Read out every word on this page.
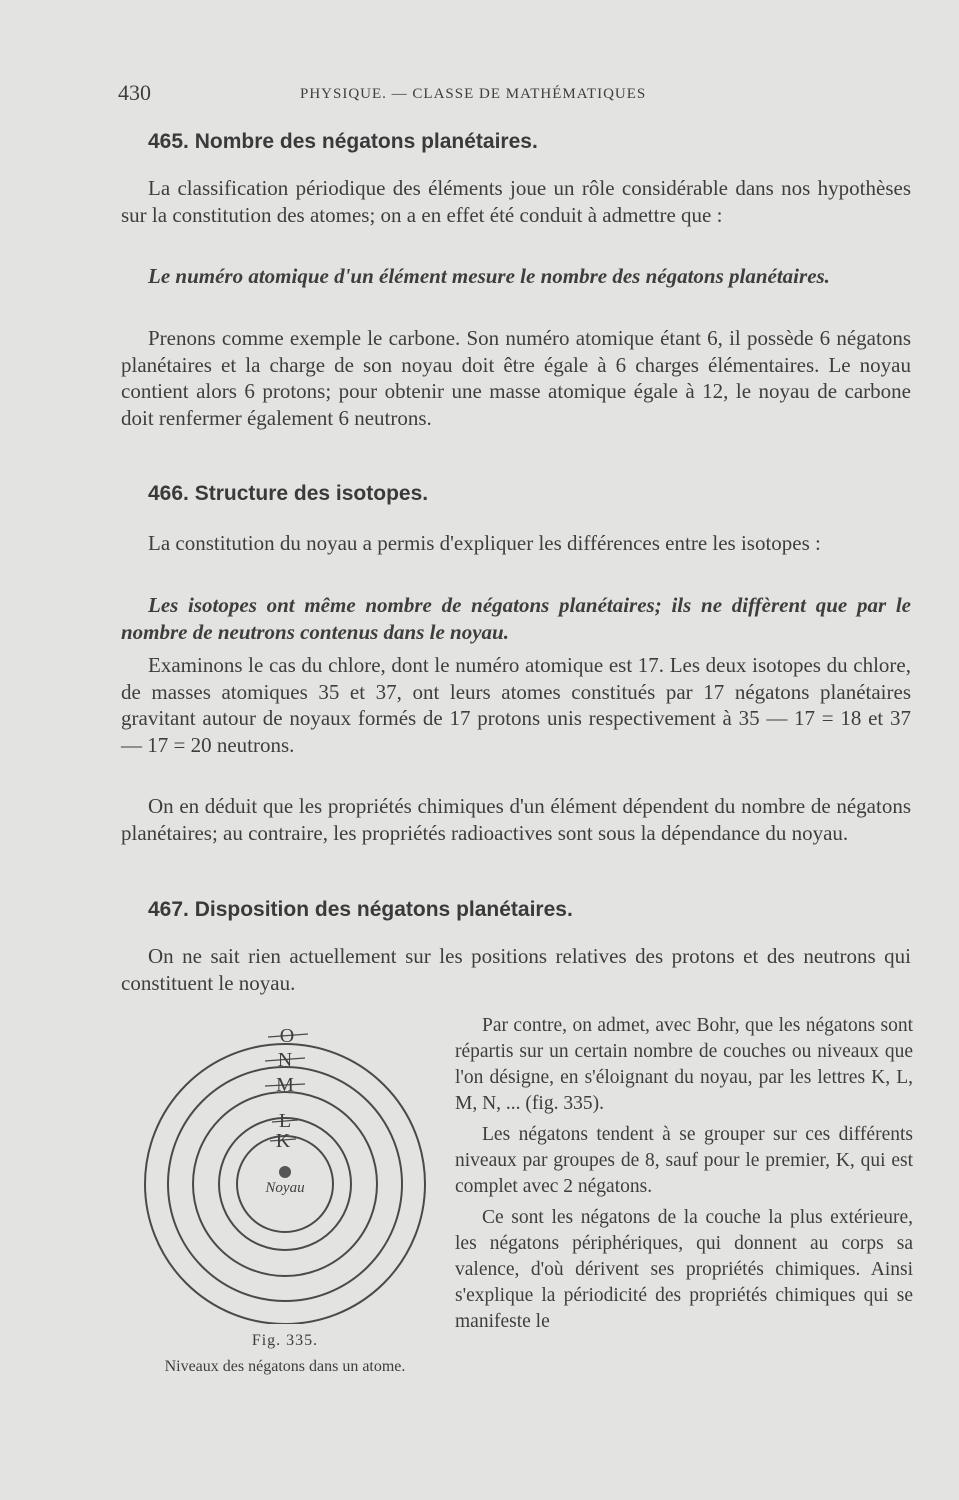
430	PHYSIQUE. — CLASSE DE MATHÉMATIQUES
465. Nombre des négatons planétaires.

La classification périodique des éléments joue un rôle considérable dans nos hypothèses sur la constitution des atomes; on a en effet été conduit à admettre que :

Le numéro atomique d'un élément mesure le nombre des négatons planétaires.

Prenons comme exemple le carbone. Son numéro atomique étant 6, il possède 6 négatons planétaires et la charge de son noyau doit être égale à 6 charges élémentaires. Le noyau contient alors 6 protons; pour obtenir une masse atomique égale à 12, le noyau de carbone doit renfermer également 6 neutrons.

466. Structure des isotopes.

La constitution du noyau a permis d'expliquer les différences entre les isotopes :

Les isotopes ont même nombre de négatons planétaires; ils ne diffèrent que par le nombre de neutrons contenus dans le noyau.

Examinons le cas du chlore, dont le numéro atomique est 17. Les deux isotopes du chlore, de masses atomiques 35 et 37, ont leurs atomes constitués par 17 négatons planétaires gravitant autour de noyaux formés de 17 protons unis respectivement à 35 — 17 = 18 et 37 — 17 = 20 neutrons.

On en déduit que les propriétés chimiques d'un élément dépendent du nombre de négatons planétaires; au contraire, les propriétés radioactives sont sous la dépendance du noyau.

467. Disposition des négatons planétaires.

On ne sait rien actuellement sur les positions relatives des protons et des neutrons qui constituent le noyau.

Par contre, on admet, avec Bohr, que les négatons sont répartis sur un certain nombre de couches ou niveaux que l'on désigne, en s'éloignant du noyau, par les lettres K, L, M, N, ... (fig. 335).

Les négatons tendent à se grouper sur ces différents niveaux par groupes de 8, sauf pour le premier, K, qui est complet avec 2 négatons.

Ce sont les négatons de la couche la plus extérieure, les négatons périphériques, qui donnent au corps sa valence, d'où dérivent ses propriétés chimiques. Ainsi s'explique la périodicité des propriétés chimiques qui se manifeste le

O
N
M
L
K
Noyau
Fig. 335.
Niveaux des négatons dans un atome.
